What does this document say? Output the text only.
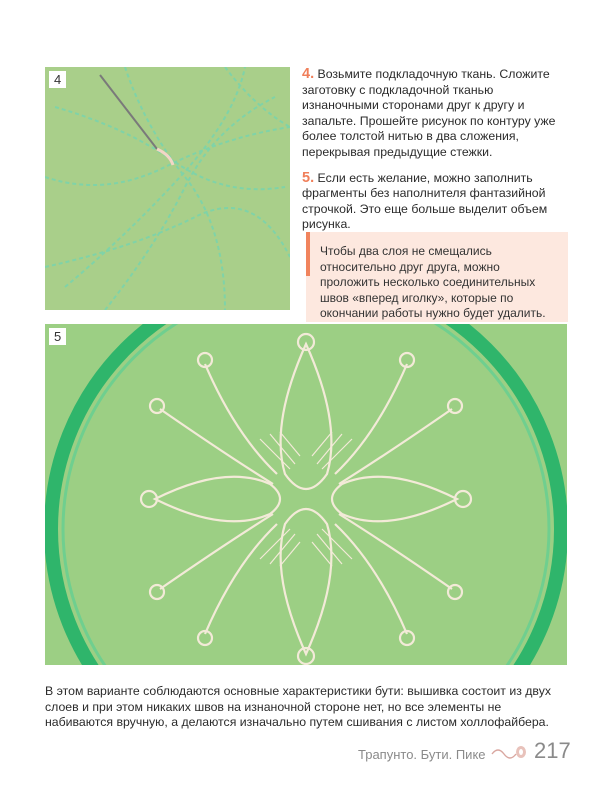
4	4. Возьмите подкладочную ткань. Сложите заготовку с подкладочной тканью изнаночными сторонами друг к другу и запальте. Прошейте рисунок по контуру уже более толстой нитью в два сложения, перекрывая предыдущие стежки.

5. Если есть желание, можно заполнить фрагменты без наполнителя фантазийной строчкой. Это еще больше выделит объем рисунка.

Чтобы два слоя не смещались относительно друг друга, можно проложить несколько соединительных швов «вперед иголку», которые по окончании работы нужно будет удалить.
5
В этом варианте соблюдаются основные характеристики бути: вышивка состоит из двух слоев и при этом никаких швов на изнаночной стороне нет, но все элементы не набиваются вручную, а делаются изначально путем сшивания с листом холлофайбера.
Трапунто. Бути. Пике 217
